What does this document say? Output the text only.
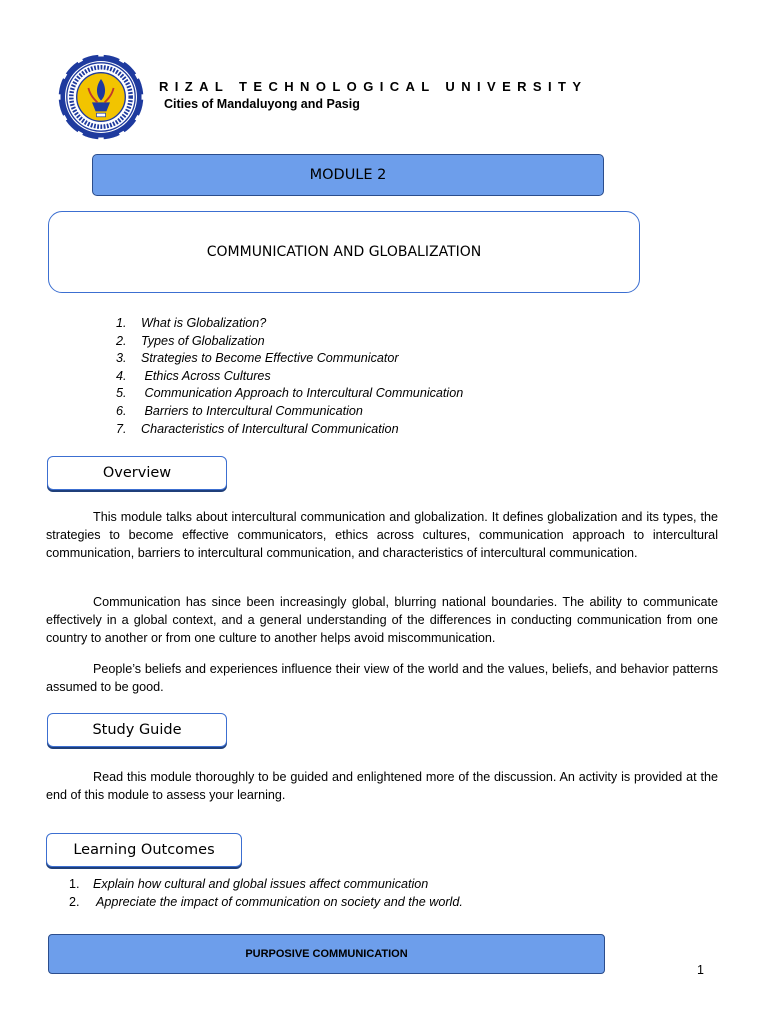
RIZAL TECHNOLOGICAL UNIVERSITY
Cities of Mandaluyong and Pasig
MODULE 2
COMMUNICATION AND GLOBALIZATION
1. What is Globalization?
2. Types of Globalization
3. Strategies to Become Effective Communicator
4. Ethics Across Cultures
5. Communication Approach to Intercultural Communication
6. Barriers to Intercultural Communication
7. Characteristics of Intercultural Communication
Overview

This module talks about intercultural communication and globalization. It defines globalization and its types, the strategies to become effective communicators, ethics across cultures, communication approach to intercultural communication, barriers to intercultural communication, and characteristics of intercultural communication.

Communication has since been increasingly global, blurring national boundaries. The ability to communicate effectively in a global context, and a general understanding of the differences in conducting communication from one country to another or from one culture to another helps avoid miscommunication.

People’s beliefs and experiences influence their view of the world and the values, beliefs, and behavior patterns assumed to be good.

Study Guide

Read this module thoroughly to be guided and enlightened more of the discussion. An activity is provided at the end of this module to assess your learning.

Learning Outcomes
1. Explain how cultural and global issues affect communication
2. Appreciate the impact of communication on society and the world.
PURPOSIVE COMMUNICATION
1
